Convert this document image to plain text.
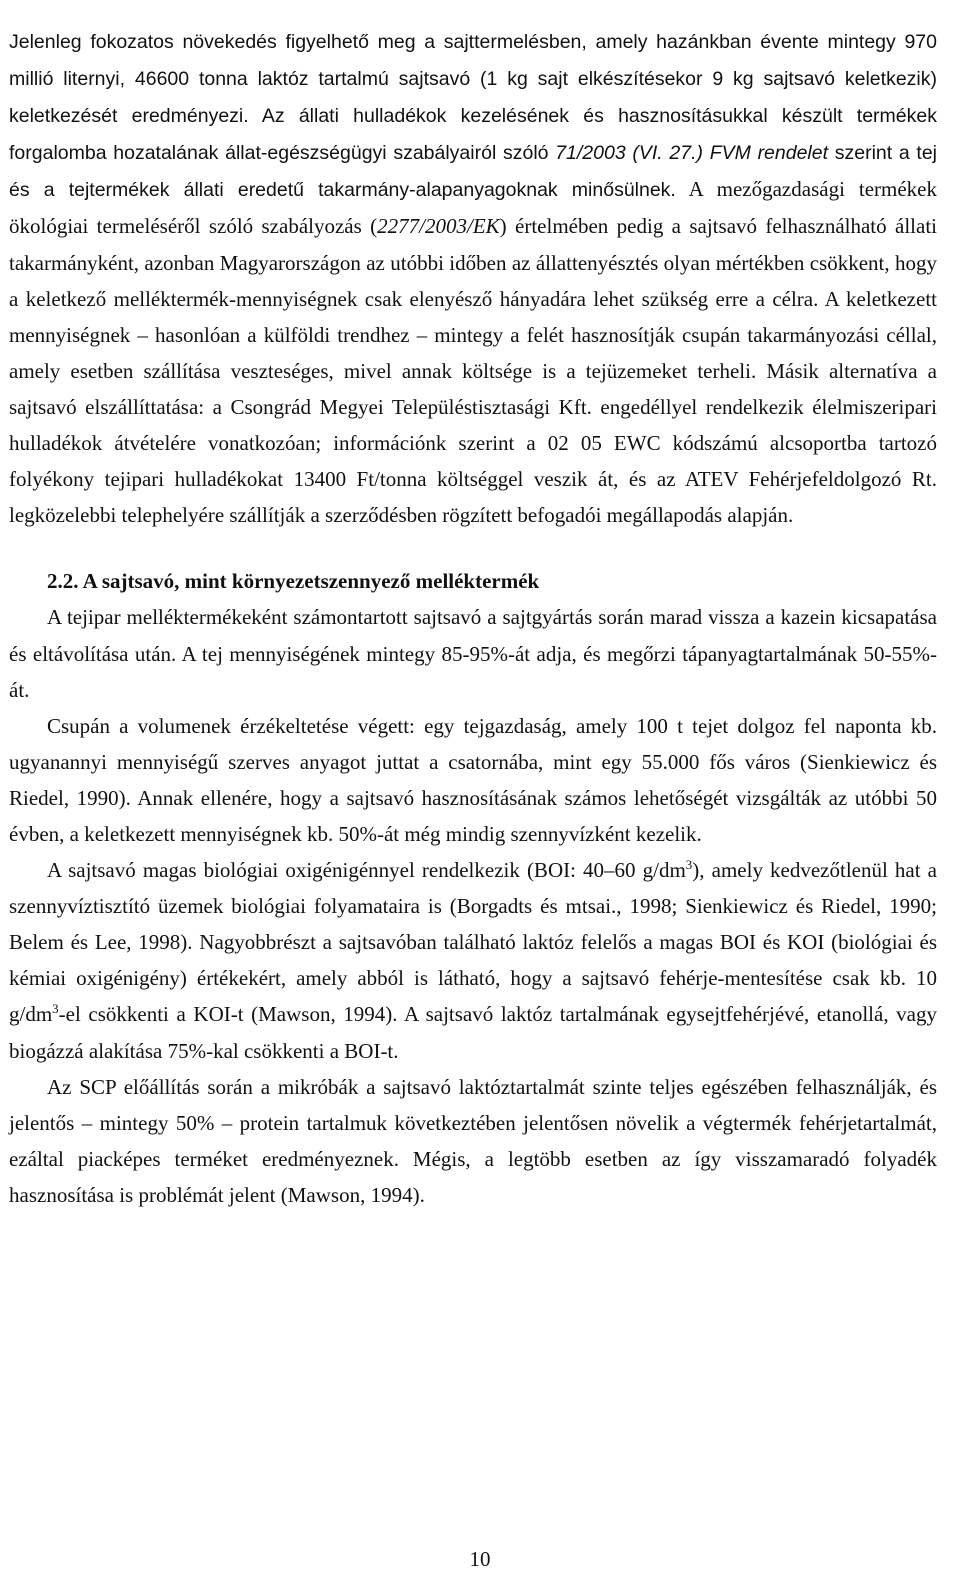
Jelenleg fokozatos növekedés figyelhető meg a sajttermelésben, amely hazánkban évente mintegy 970 millió liternyi, 46600 tonna laktóz tartalmú sajtsavó (1 kg sajt elkészítésekor 9 kg sajtsavó keletkezik) keletkezését eredményezi. Az állati hulladékok kezelésének és hasznosításukkal készült termékek forgalomba hozatalának állat-egészségügyi szabályairól szóló 71/2003 (VI. 27.) FVM rendelet szerint a tej és a tejtermékek állati eredetű takarmány-alapanyagoknak minősülnek. A mezőgazdasági termékek ökológiai termeléséről szóló szabályozás (2277/2003/EK) értelmében pedig a sajtsavó felhasználható állati takarmányként, azonban Magyarországon az utóbbi időben az állattenyésztés olyan mértékben csökkent, hogy a keletkező melléktermék-mennyiségnek csak elenyésző hányadára lehet szükség erre a célra. A keletkezett mennyiségnek – hasonlóan a külföldi trendhez – mintegy a felét hasznosítják csupán takarmányozási céllal, amely esetben szállítása veszteséges, mivel annak költsége is a tejüzemeket terheli. Másik alternatíva a sajtsavó elszállíttatása: a Csongrád Megyei Településtisztasági Kft. engedéllyel rendelkezik élelmiszeripari hulladékok átvételére vonatkozóan; információnk szerint a 02 05 EWC kódszámú alcsoportba tartozó folyékony tejipari hulladékokat 13400 Ft/tonna költséggel veszik át, és az ATEV Fehérjefeldolgozó Rt. legközelebbi telephelyére szállítják a szerződésben rögzített befogadói megállapodás alapján.

2.2. A sajtsavó, mint környezetszennyező melléktermék

A tejipar melléktermékeként számontartott sajtsavó a sajtgyártás során marad vissza a kazein kicsapatása és eltávolítása után. A tej mennyiségének mintegy 85-95%-át adja, és megőrzi tápanyagtartalmának 50-55%-át.

Csupán a volumenek érzékeltetése végett: egy tejgazdaság, amely 100 t tejet dolgoz fel naponta kb. ugyanannyi mennyiségű szerves anyagot juttat a csatornába, mint egy 55.000 fős város (Sienkiewicz és Riedel, 1990). Annak ellenére, hogy a sajtsavó hasznosításának számos lehetőségét vizsgálták az utóbbi 50 évben, a keletkezett mennyiségnek kb. 50%-át még mindig szennyvízként kezelik.

A sajtsavó magas biológiai oxigénigénnyel rendelkezik (BOI: 40–60 $g/dm^3$), amely kedvezőtlenül hat a szennyvíztisztító üzemek biológiai folyamataira is (Borgadts és mtsai., 1998; Sienkiewicz és Riedel, 1990; Belem és Lee, 1998). Nagyobbrészt a sajtsavóban található laktóz felelős a magas BOI és KOI (biológiai és kémiai oxigénigény) értékekért, amely abból is látható, hogy a sajtsavó fehérje-mentesítése csak kb. 10 $g/dm^3-el$ csökkenti a KOI-t (Mawson, 1994). A sajtsavó laktóz tartalmának egysejtfehérjévé, etanollá, vagy biogázzá alakítása 75%-kal csökkenti a BOI-t.

Az SCP előállítás során a mikróbák a sajtsavó laktóztartalmát szinte teljes egészében felhasználják, és jelentős – mintegy 50% – protein tartalmuk következtében jelentősen növelik a végtermék fehérjetartalmát, ezáltal piacképes terméket eredményeznek. Mégis, a legtöbb esetben az így visszamaradó folyadék hasznosítása is problémát jelent (Mawson, 1994).

10
